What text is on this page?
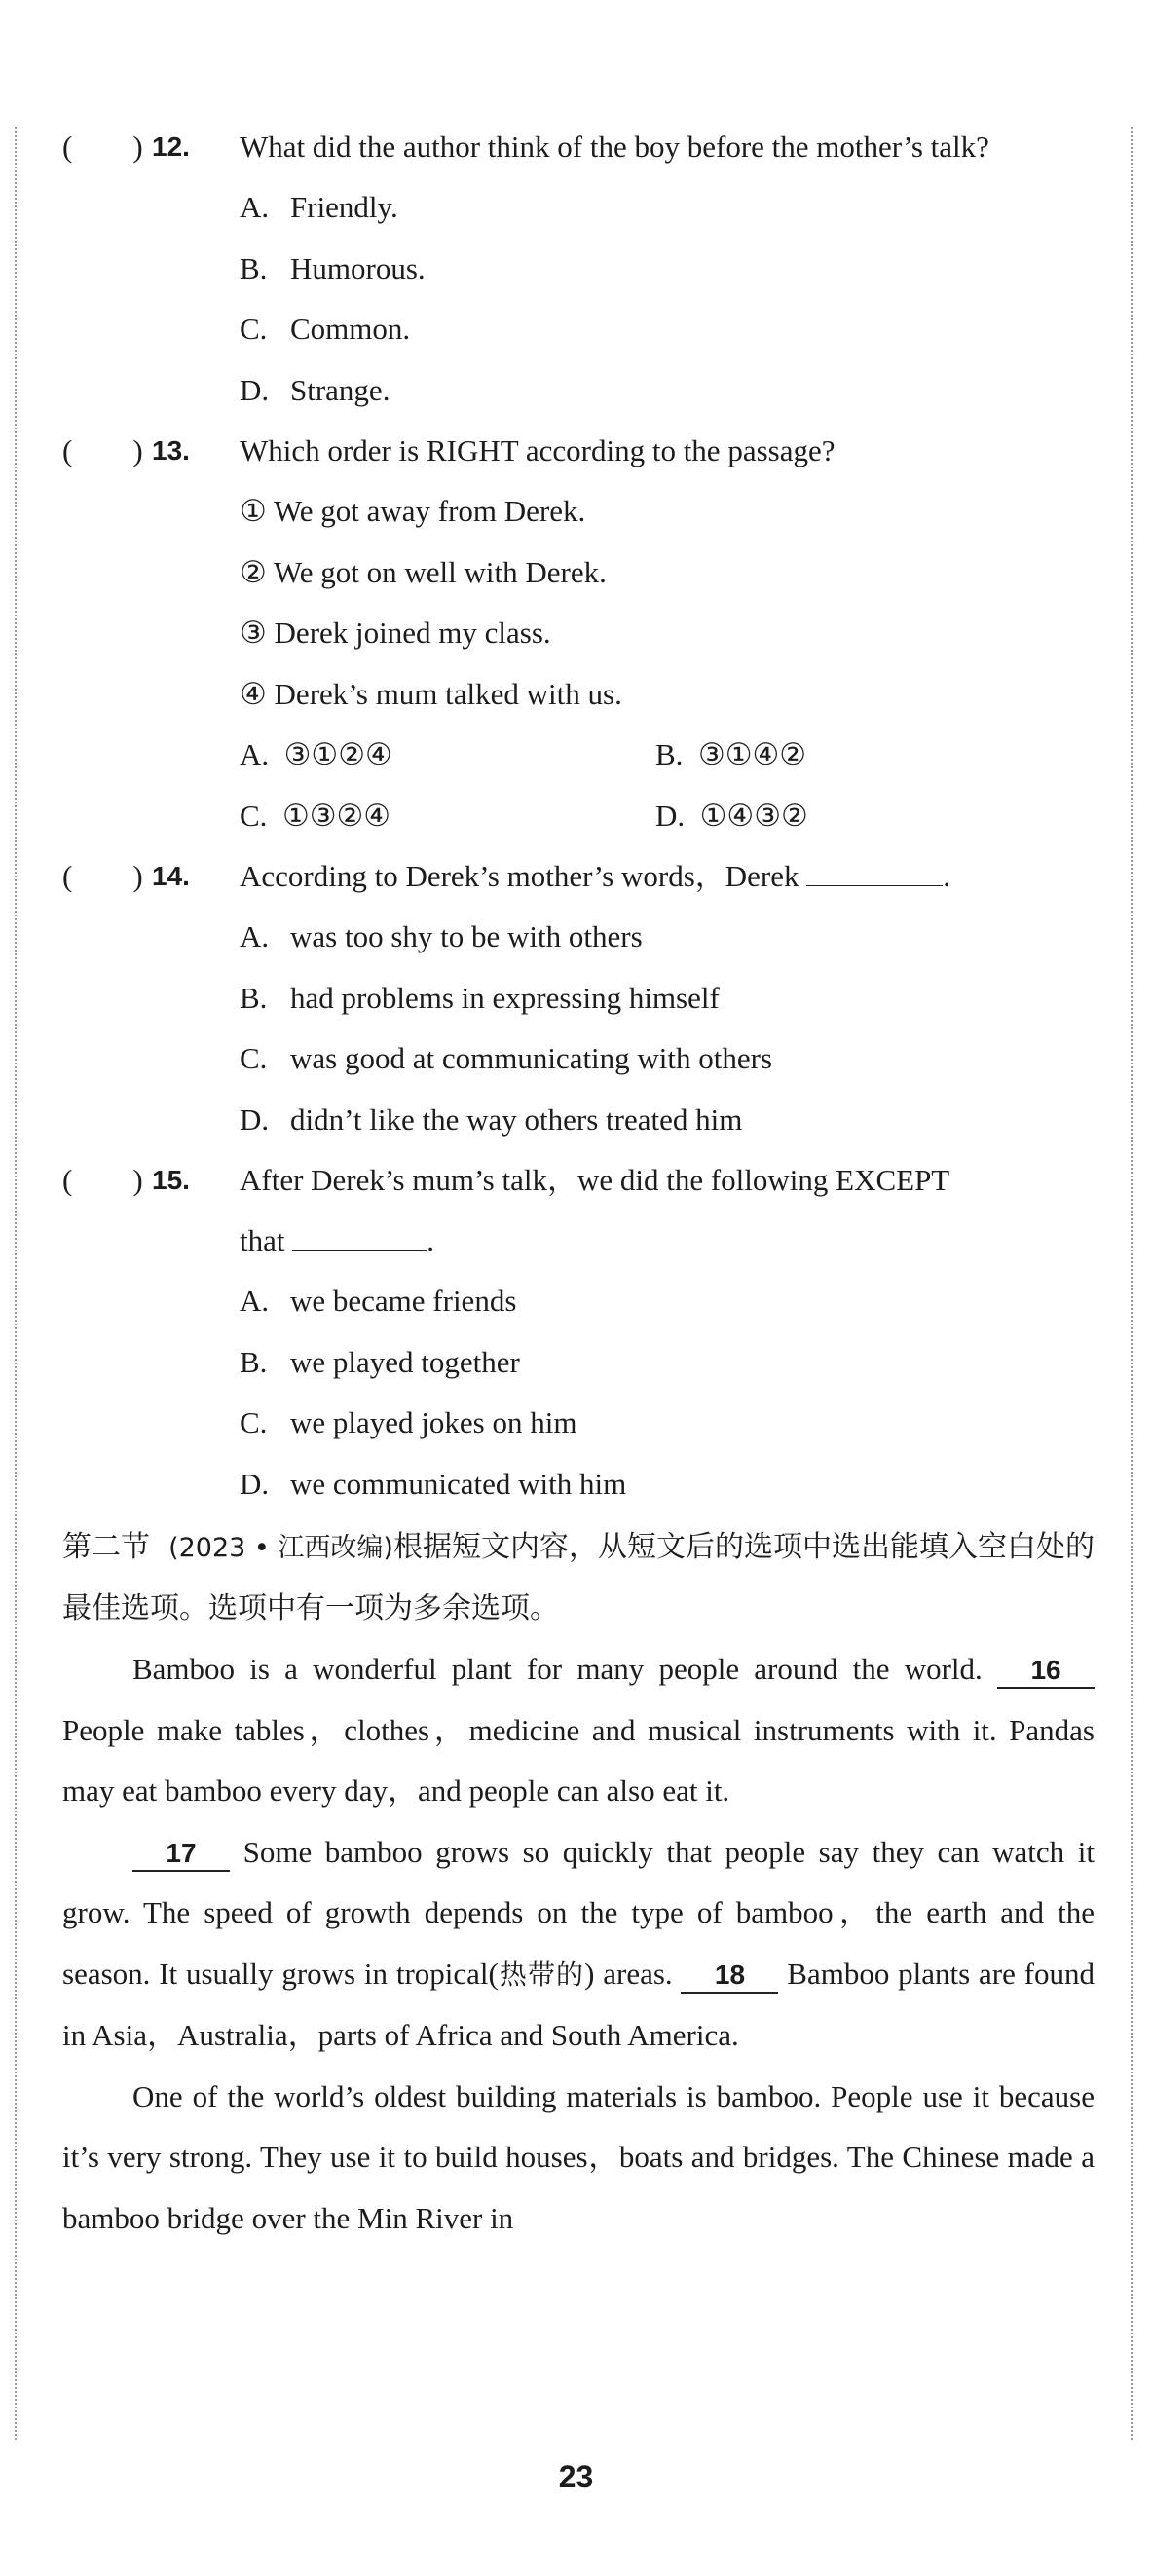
( ) 12. What did the author think of the boy before the mother’s talk?
A. Friendly.
B. Humorous.
C. Common.
D. Strange.
( ) 13. Which order is RIGHT according to the passage?
① We got away from Derek.
② We got on well with Derek.
③ Derek joined my class.
④ Derek’s mum talked with us.
A. ③①②④	B. ③①④②
C. ①③②④	D. ①④③②
( ) 14. According to Derek’s mother’s words，Derek	.
A. was too shy to be with others
B. had problems in expressing himself
C. was good at communicating with others
D. didn’t like the way others treated him
( ) 15. After Derek’s mum’s talk，we did the following EXCEPT
that	.
A. we became friends
B. we played together
C. we played jokes on him
D. we communicated with him
第二节 (2023 • 江西改编)根据短文内容，从短文后的选项中选出能填入空白处的最佳选项。选项中有一项为多余选项。
Bamboo is a wonderful plant for many people around the world. 16 People make tables，clothes，medicine and musical instruments with it. Pandas may eat bamboo every day，and people can also eat it.
17 Some bamboo grows so quickly that people say they can watch it grow. The speed of growth depends on the type of bamboo，the earth and the season. It usually grows in tropical(热带的) areas. 18 Bamboo plants are found in Asia，Australia，parts of Africa and South America.
One of the world’s oldest building materials is bamboo. People use it because it’s very strong. They use it to build houses，boats and bridges. The Chinese made a bamboo bridge over the Min River in
23
